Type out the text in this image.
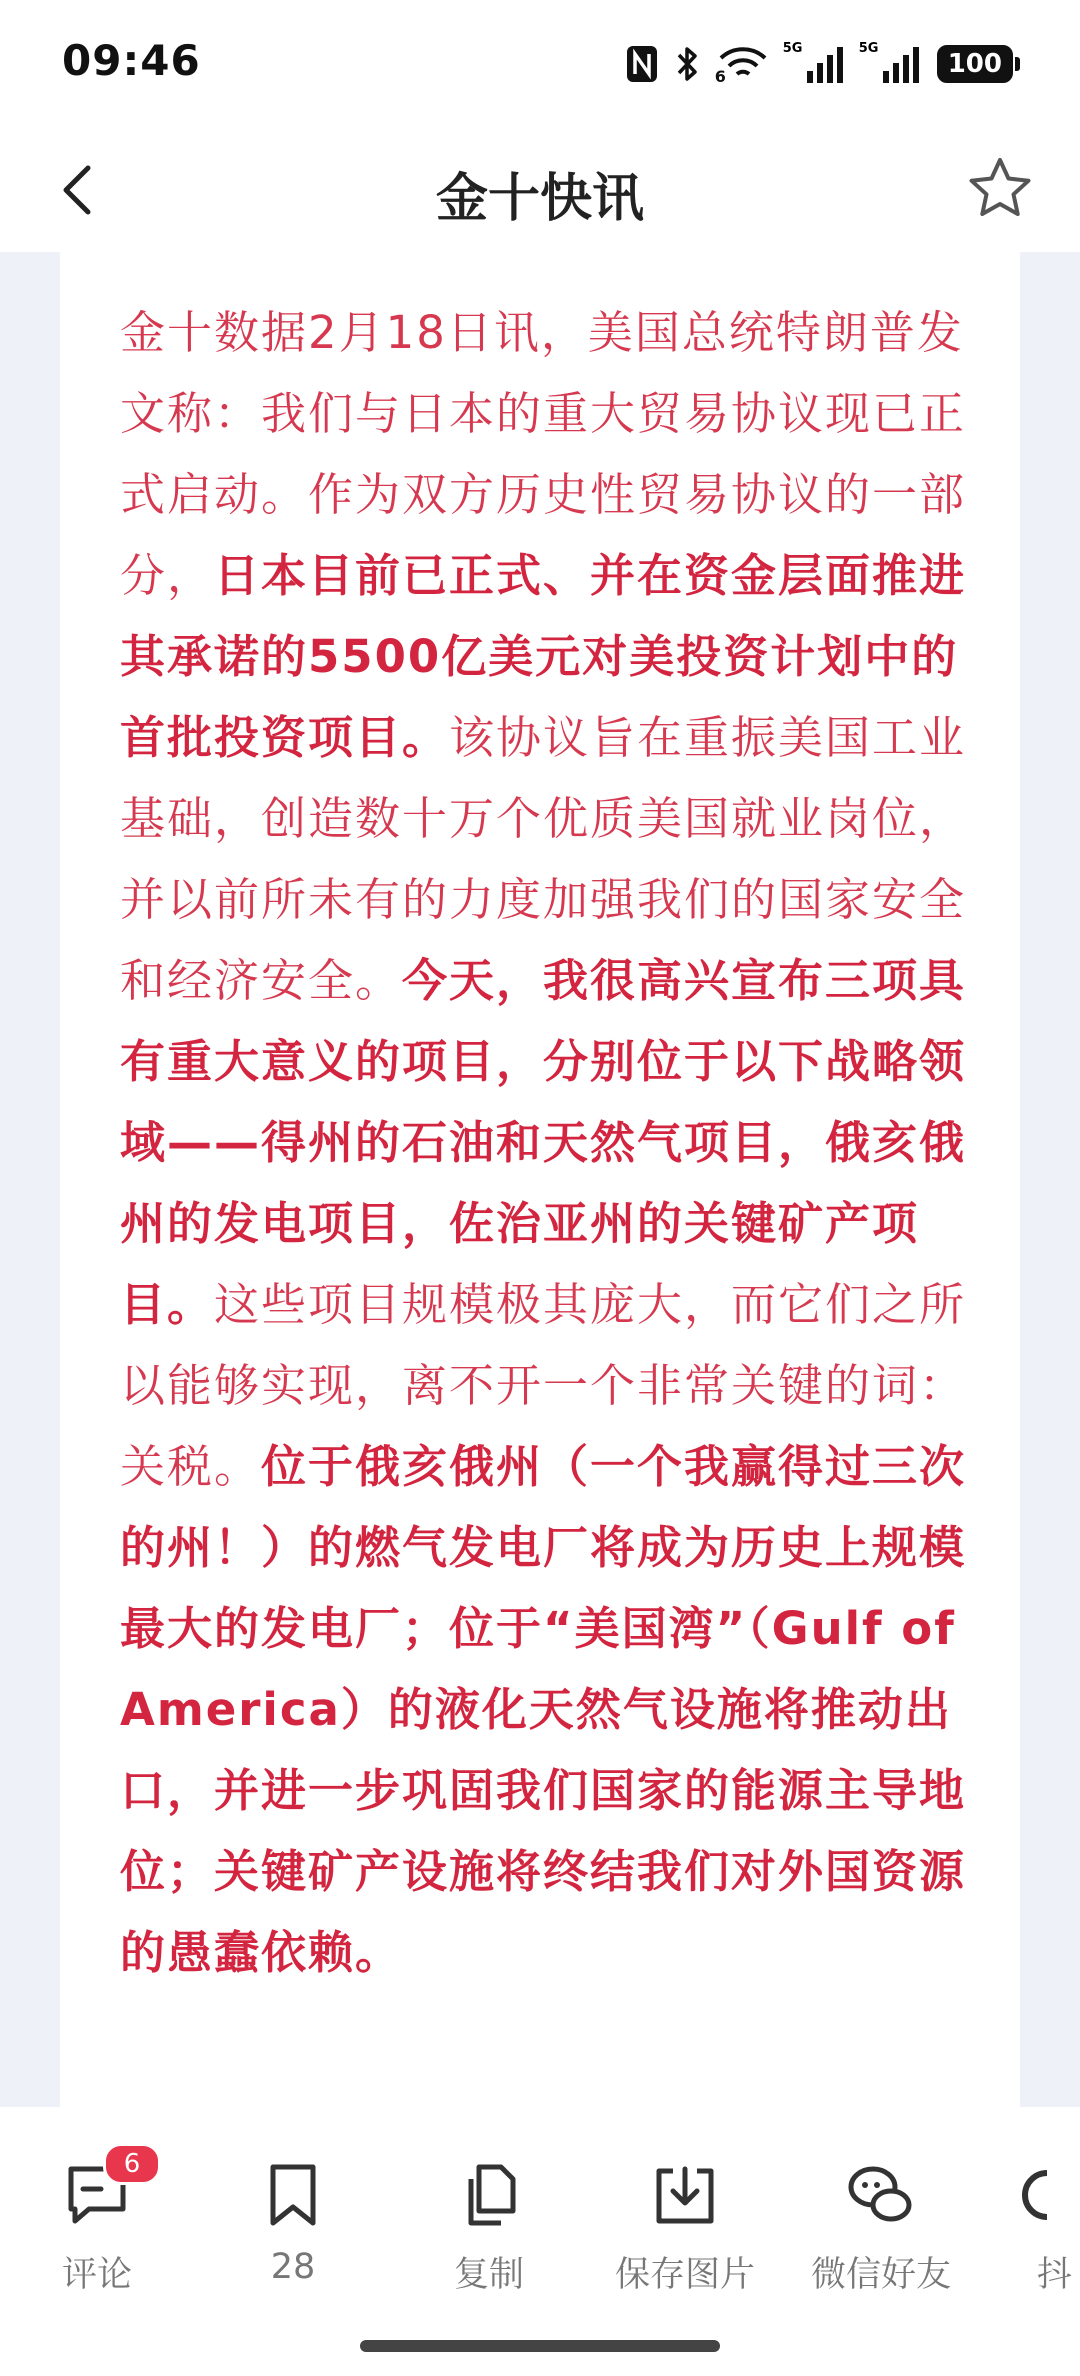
09:46	6
5G	5G
100
金十快讯
金十数据2月18日讯，美国总统特朗普发文称：我们与日本的重大贸易协议现已正式启动。作为双方历史性贸易协议的一部分，日本目前已正式、并在资金层面推进其承诺的5500亿美元对美投资计划中的首批投资项目。该协议旨在重振美国工业基础，创造数十万个优质美国就业岗位，并以前所未有的力度加强我们的国家安全和经济安全。今天，我很高兴宣布三项具有重大意义的项目，分别位于以下战略领域——得州的石油和天然气项目，俄亥俄州的发电项目，佐治亚州的关键矿产项目。这些项目规模极其庞大，而它们之所以能够实现，离不开一个非常关键的词：关税。位于俄亥俄州（一个我赢得过三次的州！）的燃气发电厂将成为历史上规模最大的发电厂；位于“美国湾”（Gulf of America）的液化天然气设施将推动出口，并进一步巩固我们国家的能源主导地位；关键矿产设施将终结我们对外国资源的愚蠢依赖。
6
评论	28	复制	保存图片 微信好友 抖
